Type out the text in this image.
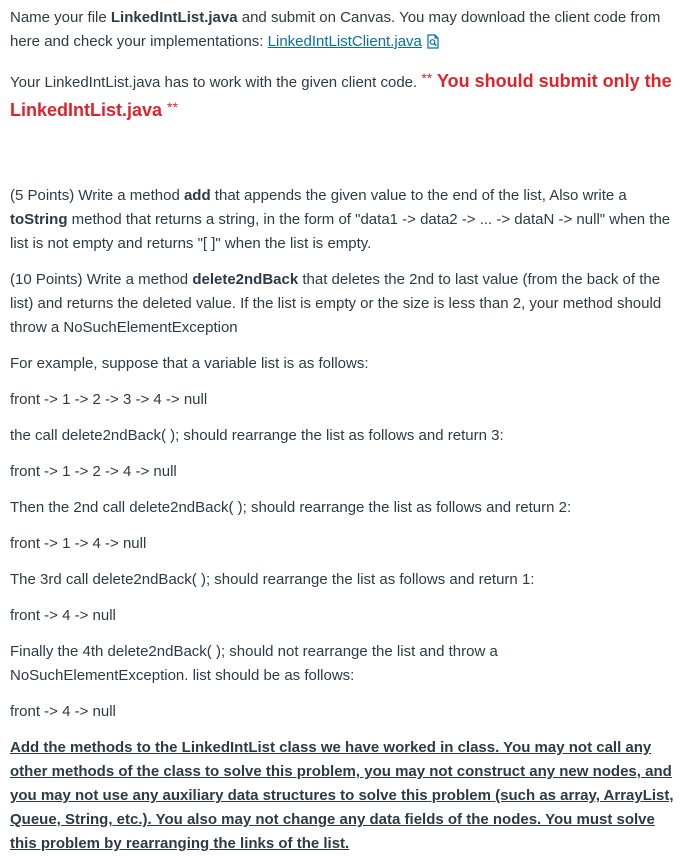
Name your file LinkedIntList.java and submit on Canvas. You may download the client code from here and check your implementations: LinkedIntListClient.java

Your LinkedIntList.java has to work with the given client code. ** You should submit only the LinkedIntList.java **

(5 Points) Write a method add that appends the given value to the end of the list, Also write a toString method that returns a string, in the form of "data1 -> data2 -> ... -> dataN -> null" when the list is not empty and returns "[ ]" when the list is empty.

(10 Points) Write a method delete2ndBack that deletes the 2nd to last value (from the back of the list) and returns the deleted value. If the list is empty or the size is less than 2, your method should throw a NoSuchElementException

For example, suppose that a variable list is as follows:

front -> 1 -> 2 -> 3 -> 4 -> null

the call delete2ndBack( ); should rearrange the list as follows and return 3:

front -> 1 -> 2 -> 4 -> null

Then the 2nd call delete2ndBack( ); should rearrange the list as follows and return 2:

front -> 1 -> 4 -> null

The 3rd call delete2ndBack( ); should rearrange the list as follows and return 1:

front -> 4 -> null

Finally the 4th delete2ndBack( ); should not rearrange the list and throw a NoSuchElementException. list should be as follows:

front -> 4 -> null

Add the methods to the LinkedIntList class we have worked in class. You may not call any other methods of the class to solve this problem, you may not construct any new nodes, and you may not use any auxiliary data structures to solve this problem (such as array, ArrayList, Queue, String, etc.). You also may not change any data fields of the nodes. You must solve this problem by rearranging the links of the list.
